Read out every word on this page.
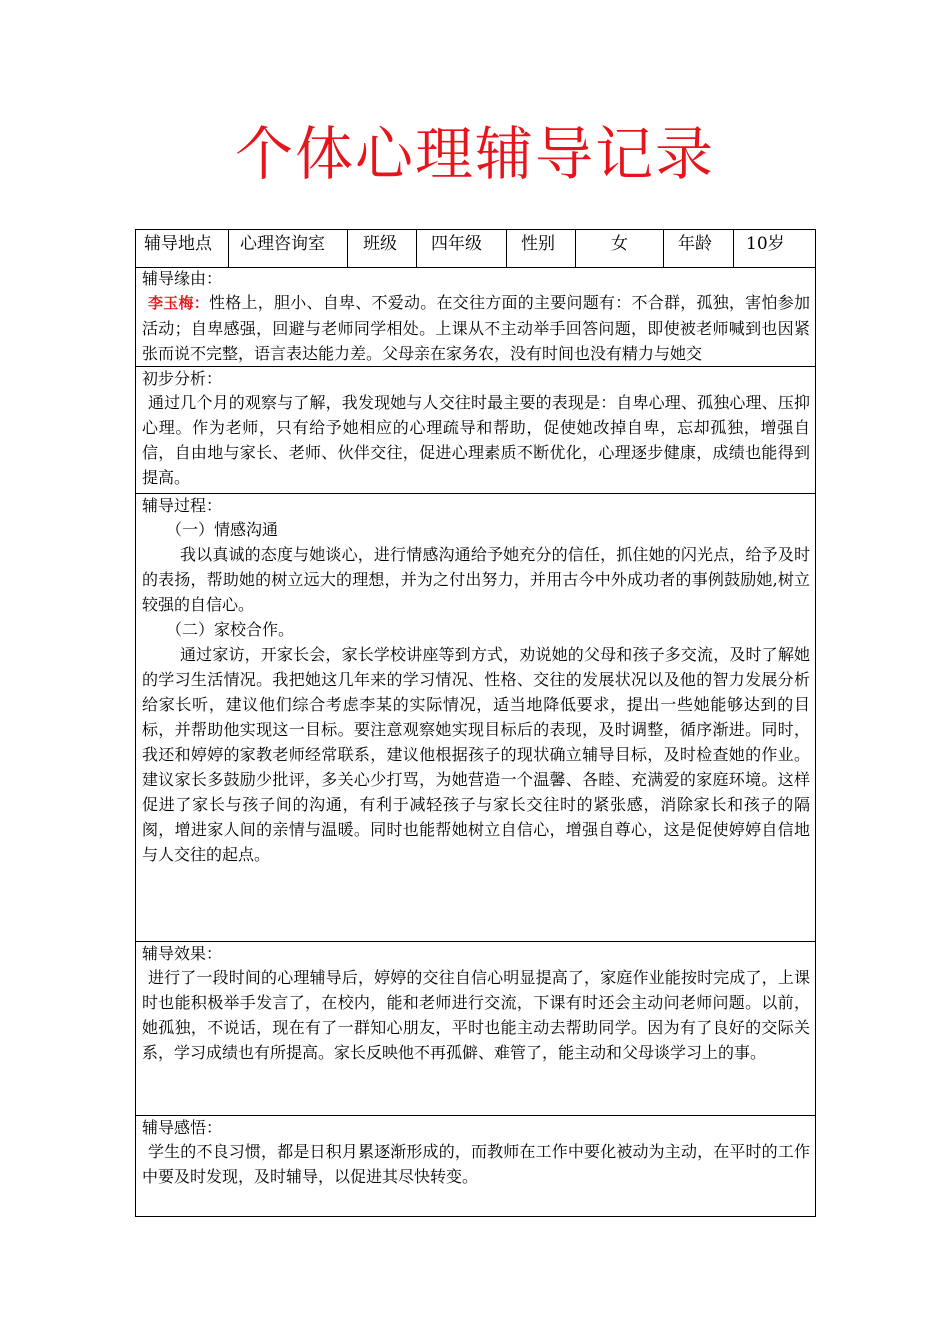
个体心理辅导记录
辅导地点	心理咨询室	班级	四年级	性别	女	年龄	10岁
辅导缘由：

李玉梅：性格上，胆小、自卑、不爱动。在交往方面的主要问题有：不合群，孤独，害怕参加活动；自卑感强，回避与老师同学相处。上课从不主动举手回答问题，即使被老师喊到也因紧张而说不完整，语言表达能力差。父母亲在家务农，没有时间也没有精力与她交

初步分析：

通过几个月的观察与了解，我发现她与人交往时最主要的表现是：自卑心理、孤独心理、压抑心理。作为老师，只有给予她相应的心理疏导和帮助，促使她改掉自卑，忘却孤独，增强自信，自由地与家长、老师、伙伴交往，促进心理素质不断优化，心理逐步健康，成绩也能得到提高。

辅导过程：

（一）情感沟通

我以真诚的态度与她谈心，进行情感沟通给予她充分的信任，抓住她的闪光点，给予及时的表扬，帮助她的树立远大的理想，并为之付出努力，并用古今中外成功者的事例鼓励她,树立较强的自信心。

（二）家校合作。

通过家访，开家长会，家长学校讲座等到方式，劝说她的父母和孩子多交流，及时了解她的学习生活情况。我把她这几年来的学习情况、性格、交往的发展状况以及他的智力发展分析给家长听，建议他们综合考虑李某的实际情况，适当地降低要求，提出一些她能够达到的目标，并帮助他实现这一目标。要注意观察她实现目标后的表现，及时调整，循序渐进。同时，我还和婷婷的家教老师经常联系，建议他根据孩子的现状确立辅导目标，及时检查她的作业。建议家长多鼓励少批评，多关心少打骂，为她营造一个温馨、各睦、充满爱的家庭环境。这样促进了家长与孩子间的沟通，有利于减轻孩子与家长交往时的紧张感，消除家长和孩子的隔阂，增进家人间的亲情与温暖。同时也能帮她树立自信心，增强自尊心，这是促使婷婷自信地与人交往的起点。

辅导效果：

进行了一段时间的心理辅导后，婷婷的交往自信心明显提高了，家庭作业能按时完成了，上课时也能积极举手发言了，在校内，能和老师进行交流，下课有时还会主动问老师问题。以前，她孤独，不说话，现在有了一群知心朋友，平时也能主动去帮助同学。因为有了良好的交际关系，学习成绩也有所提高。家长反映他不再孤僻、难管了，能主动和父母谈学习上的事。

辅导感悟：

学生的不良习惯，都是日积月累逐渐形成的，而教师在工作中要化被动为主动，在平时的工作中要及时发现，及时辅导，以促进其尽快转变。
